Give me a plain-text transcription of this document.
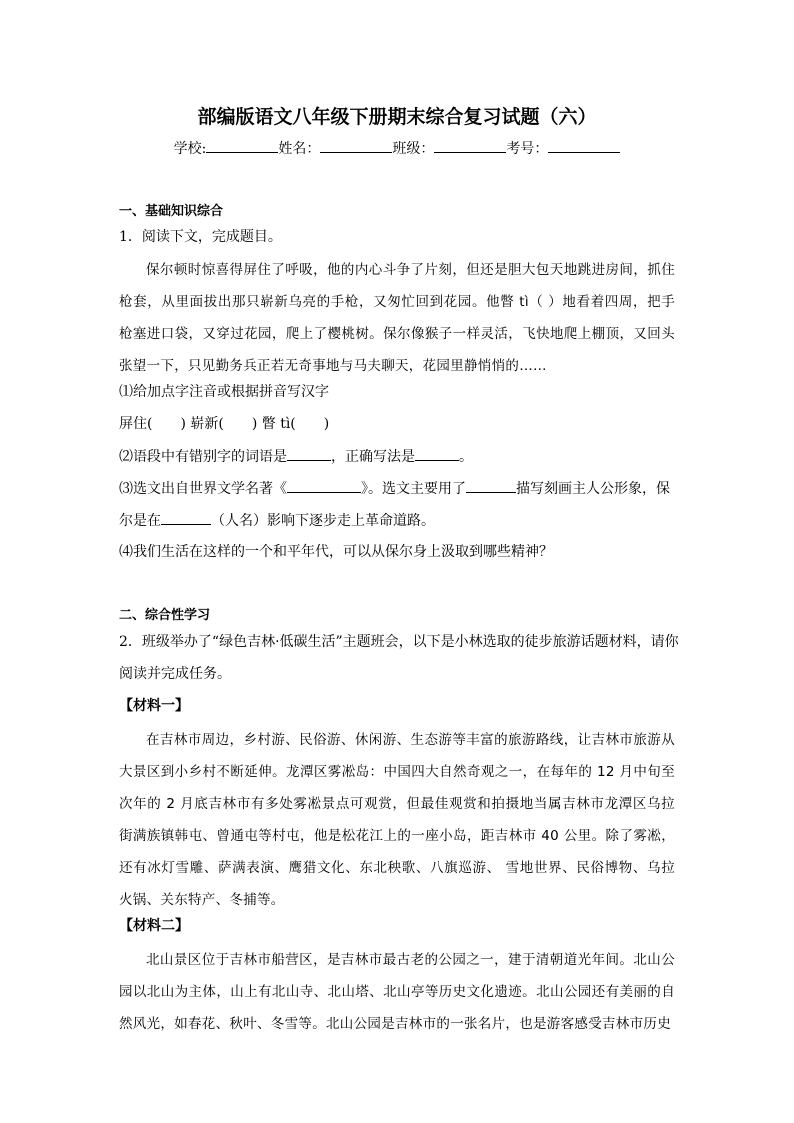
部编版语文八年级下册期末综合复习试题（六）
学校:	姓名：	班级：	考号：
一、基础知识综合
1．阅读下文，完成题目。
保尔顿时惊喜得屏住了呼吸，他的内心斗争了片刻，但还是胆大包天地跳进房间，抓住枪套，从里面拔出那只崭新乌亮的手枪，又匆忙回到花园。他瞥 tì（ ）地看着四周，把手枪塞进口袋，又穿过花园，爬上了樱桃树。保尔像猴子一样灵活，飞快地爬上棚顶，又回头张望一下，只见勤务兵正若无奇事地与马夫聊天，花园里静悄悄的……
⑴给加点字注音或根据拼音写汉字
屏住( ) 崭新( ) 瞥 tì( )
⑵语段中有错别字的词语是	，正确写法是	。
⑶选文出自世界文学名著《	》。选文主要用了	描写刻画主人公形象，保
尔是在	（人名）影响下逐步走上革命道路。
⑷我们生活在这样的一个和平年代，可以从保尔身上汲取到哪些精神？
二、综合性学习
2．班级举办了“绿色吉林·低碳生活”主题班会，以下是小林选取的徒步旅游话题材料，请你
阅读并完成任务。
【材料一】
在吉林市周边，乡村游、民俗游、休闲游、生态游等丰富的旅游路线，让吉林市旅游从大景区到小乡村不断延伸。龙潭区雾凇岛：中国四大自然奇观之一，在每年的 12 月中旬至次年的 2 月底吉林市有多处雾凇景点可观赏，但最佳观赏和拍摄地当属吉林市龙潭区乌拉街满族镇韩屯、曾通屯等村屯，他是松花江上的一座小岛，距吉林市 40 公里。除了雾凇，还有冰灯雪雕、萨满表演、鹰猎文化、东北秧歌、八旗巡游、 雪地世界、民俗博物、乌拉火锅、关东特产、冬捕等。
【材料二】
北山景区位于吉林市船营区，是吉林市最古老的公园之一，建于清朝道光年间。北山公园以北山为主体，山上有北山寺、北山塔、北山亭等历史文化遗迹。北山公园还有美丽的自然风光，如春花、秋叶、冬雪等。北山公园是吉林市的一张名片，也是游客感受吉林市历史
